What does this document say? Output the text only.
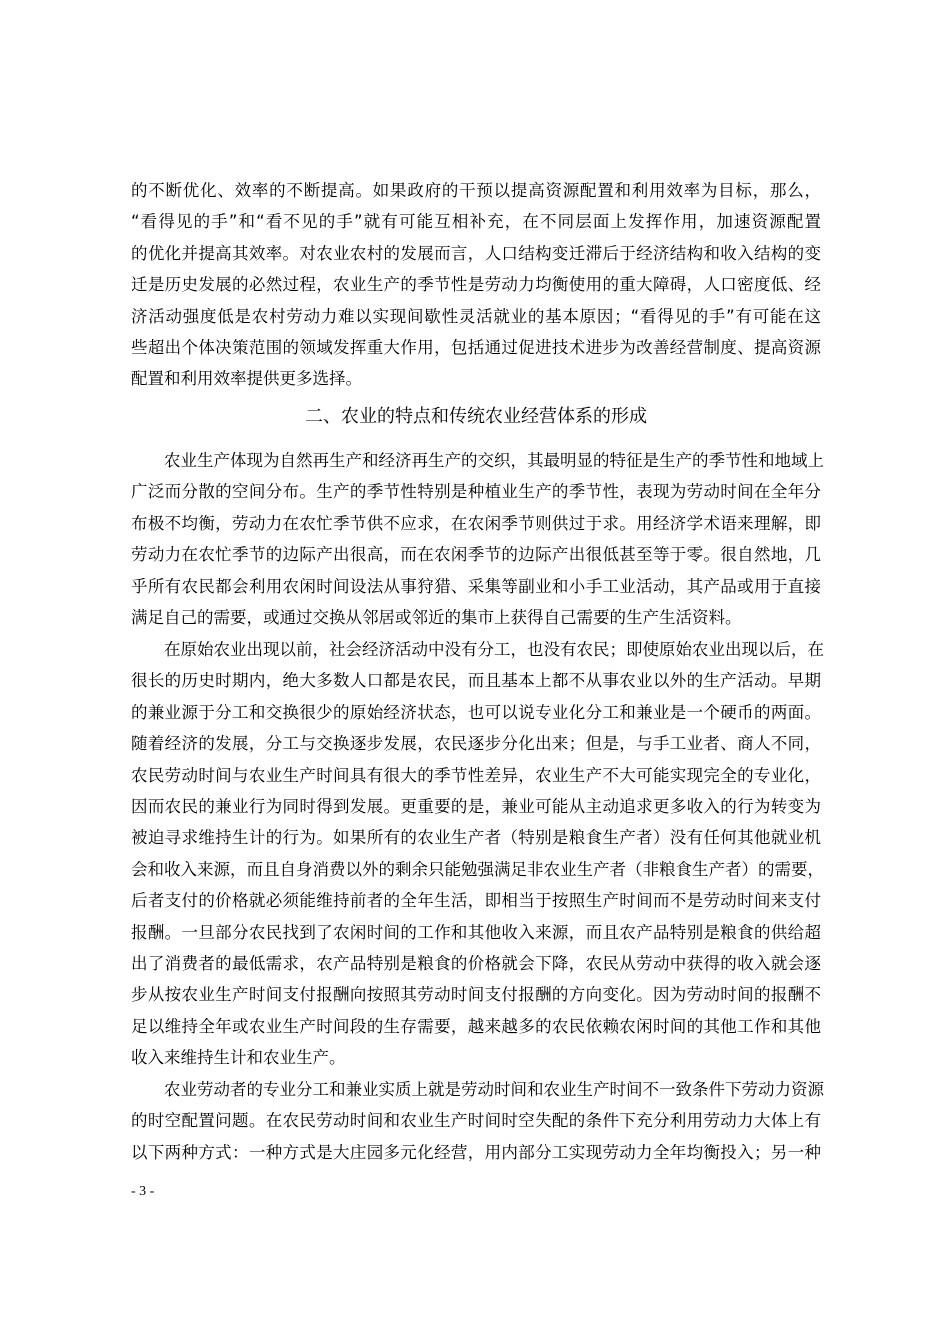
的不断优化、效率的不断提高。如果政府的干预以提高资源配置和利用效率为目标，那么，
“看得见的手”和“看不见的手”就有可能互相补充，在不同层面上发挥作用，加速资源配置
的优化并提高其效率。对农业农村的发展而言，人口结构变迁滞后于经济结构和收入结构的变
迁是历史发展的必然过程，农业生产的季节性是劳动力均衡使用的重大障碍，人口密度低、经
济活动强度低是农村劳动力难以实现间歇性灵活就业的基本原因；“看得见的手”有可能在这
些超出个体决策范围的领域发挥重大作用，包括通过促进技术进步为改善经营制度、提高资源
配置和利用效率提供更多选择。
二、农业的特点和传统农业经营体系的形成
农业生产体现为自然再生产和经济再生产的交织，其最明显的特征是生产的季节性和地域上
广泛而分散的空间分布。生产的季节性特别是种植业生产的季节性，表现为劳动时间在全年分
布极不均衡，劳动力在农忙季节供不应求，在农闲季节则供过于求。用经济学术语来理解，即
劳动力在农忙季节的边际产出很高，而在农闲季节的边际产出很低甚至等于零。很自然地，几
乎所有农民都会利用农闲时间设法从事狩猎、采集等副业和小手工业活动，其产品或用于直接
满足自己的需要，或通过交换从邻居或邻近的集市上获得自己需要的生产生活资料。
在原始农业出现以前，社会经济活动中没有分工，也没有农民；即使原始农业出现以后，在
很长的历史时期内，绝大多数人口都是农民，而且基本上都不从事农业以外的生产活动。早期
的兼业源于分工和交换很少的原始经济状态，也可以说专业化分工和兼业是一个硬币的两面。
随着经济的发展，分工与交换逐步发展，农民逐步分化出来；但是，与手工业者、商人不同，
农民劳动时间与农业生产时间具有很大的季节性差异，农业生产不大可能实现完全的专业化，
因而农民的兼业行为同时得到发展。更重要的是，兼业可能从主动追求更多收入的行为转变为
被迫寻求维持生计的行为。如果所有的农业生产者（特别是粮食生产者）没有任何其他就业机
会和收入来源，而且自身消费以外的剩余只能勉强满足非农业生产者（非粮食生产者）的需要，
后者支付的价格就必须能维持前者的全年生活，即相当于按照生产时间而不是劳动时间来支付
报酬。一旦部分农民找到了农闲时间的工作和其他收入来源，而且农产品特别是粮食的供给超
出了消费者的最低需求，农产品特别是粮食的价格就会下降，农民从劳动中获得的收入就会逐
步从按农业生产时间支付报酬向按照其劳动时间支付报酬的方向变化。因为劳动时间的报酬不
足以维持全年或农业生产时间段的生存需要，越来越多的农民依赖农闲时间的其他工作和其他
收入来维持生计和农业生产。
农业劳动者的专业分工和兼业实质上就是劳动时间和农业生产时间不一致条件下劳动力资源
的时空配置问题。在农民劳动时间和农业生产时间时空失配的条件下充分利用劳动力大体上有
以下两种方式：一种方式是大庄园多元化经营，用内部分工实现劳动力全年均衡投入；另一种
- 3 -
